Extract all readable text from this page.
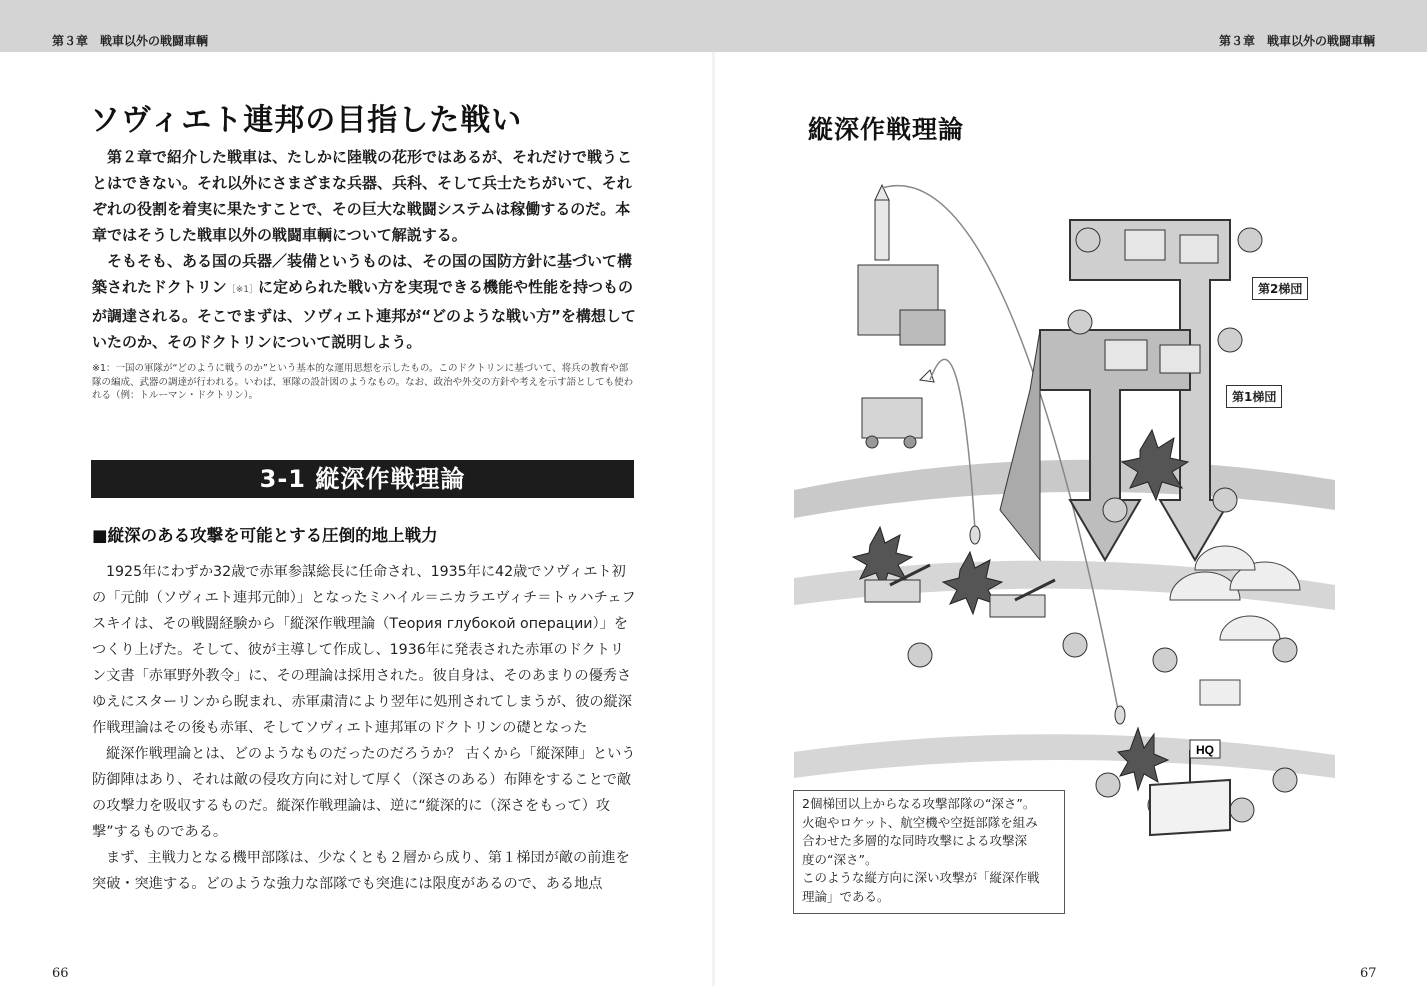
第３章　戦車以外の戦闘車輌	第３章　戦車以外の戦闘車輌
ソヴィエト連邦の目指した戦い

第２章で紹介した戦車は、たしかに陸戦の花形ではあるが、それだけで戦うことはできない。それ以外にさまざまな兵器、兵科、そして兵士たちがいて、それぞれの役割を着実に果たすことで、その巨大な戦闘システムは稼働するのだ。本章ではそうした戦車以外の戦闘車輌について解説する。

そもそも、ある国の兵器／装備というものは、その国の国防方針に基づいて構築されたドクトリン［※1］に定められた戦い方を実現できる機能や性能を持つものが調達される。そこでまずは、ソヴィエト連邦が“どのような戦い方”を構想していたのか、そのドクトリンについて説明しよう。

※1：一国の軍隊が“どのように戦うのか”という基本的な運用思想を示したもの。このドクトリンに基づいて、将兵の教育や部隊の編成、武器の調達が行われる。いわば、軍隊の設計図のようなもの。なお、政治や外交の方針や考えを示す語としても使われる（例：トルーマン・ドクトリン）。
3-1 縦深作戦理論
■縦深のある攻撃を可能とする圧倒的地上戦力

1925年にわずか32歳で赤軍参謀総長に任命され、1935年に42歳でソヴィエト初の「元帥（ソヴィエト連邦元帥）」となったミハイル＝ニカラエヴィチ＝トゥハチェフスキイは、その戦闘経験から「縦深作戦理論（Теория глубокой операции）」をつくり上げた。そして、彼が主導して作成し、1936年に発表された赤軍のドクトリン文書「赤軍野外教令」に、その理論は採用された。彼自身は、そのあまりの優秀さゆえにスターリンから睨まれ、赤軍粛清により翌年に処刑されてしまうが、彼の縦深作戦理論はその後も赤軍、そしてソヴィエト連邦軍のドクトリンの礎となった

縦深作戦理論とは、どのようなものだったのだろうか？ 古くから「縦深陣」という防御陣はあり、それは敵の侵攻方向に対して厚く（深さのある）布陣をすることで敵の攻撃力を吸収するものだ。縦深作戦理論は、逆に“縦深的に（深さをもって）攻撃”するものである。

まず、主戦力となる機甲部隊は、少なくとも２層から成り、第１梯団が敵の前進を突破・突進する。どのような強力な部隊でも突進には限度があるので、ある地点

66
縦深作戦理論
HQ
第2梯団
第1梯団
2個梯団以上からなる攻撃部隊の“深さ”。
火砲やロケット、航空機や空挺部隊を組み
合わせた多層的な同時攻撃による攻撃深
度の“深さ”。
このような縦方向に深い攻撃が「縦深作戦
理論」である。
67
